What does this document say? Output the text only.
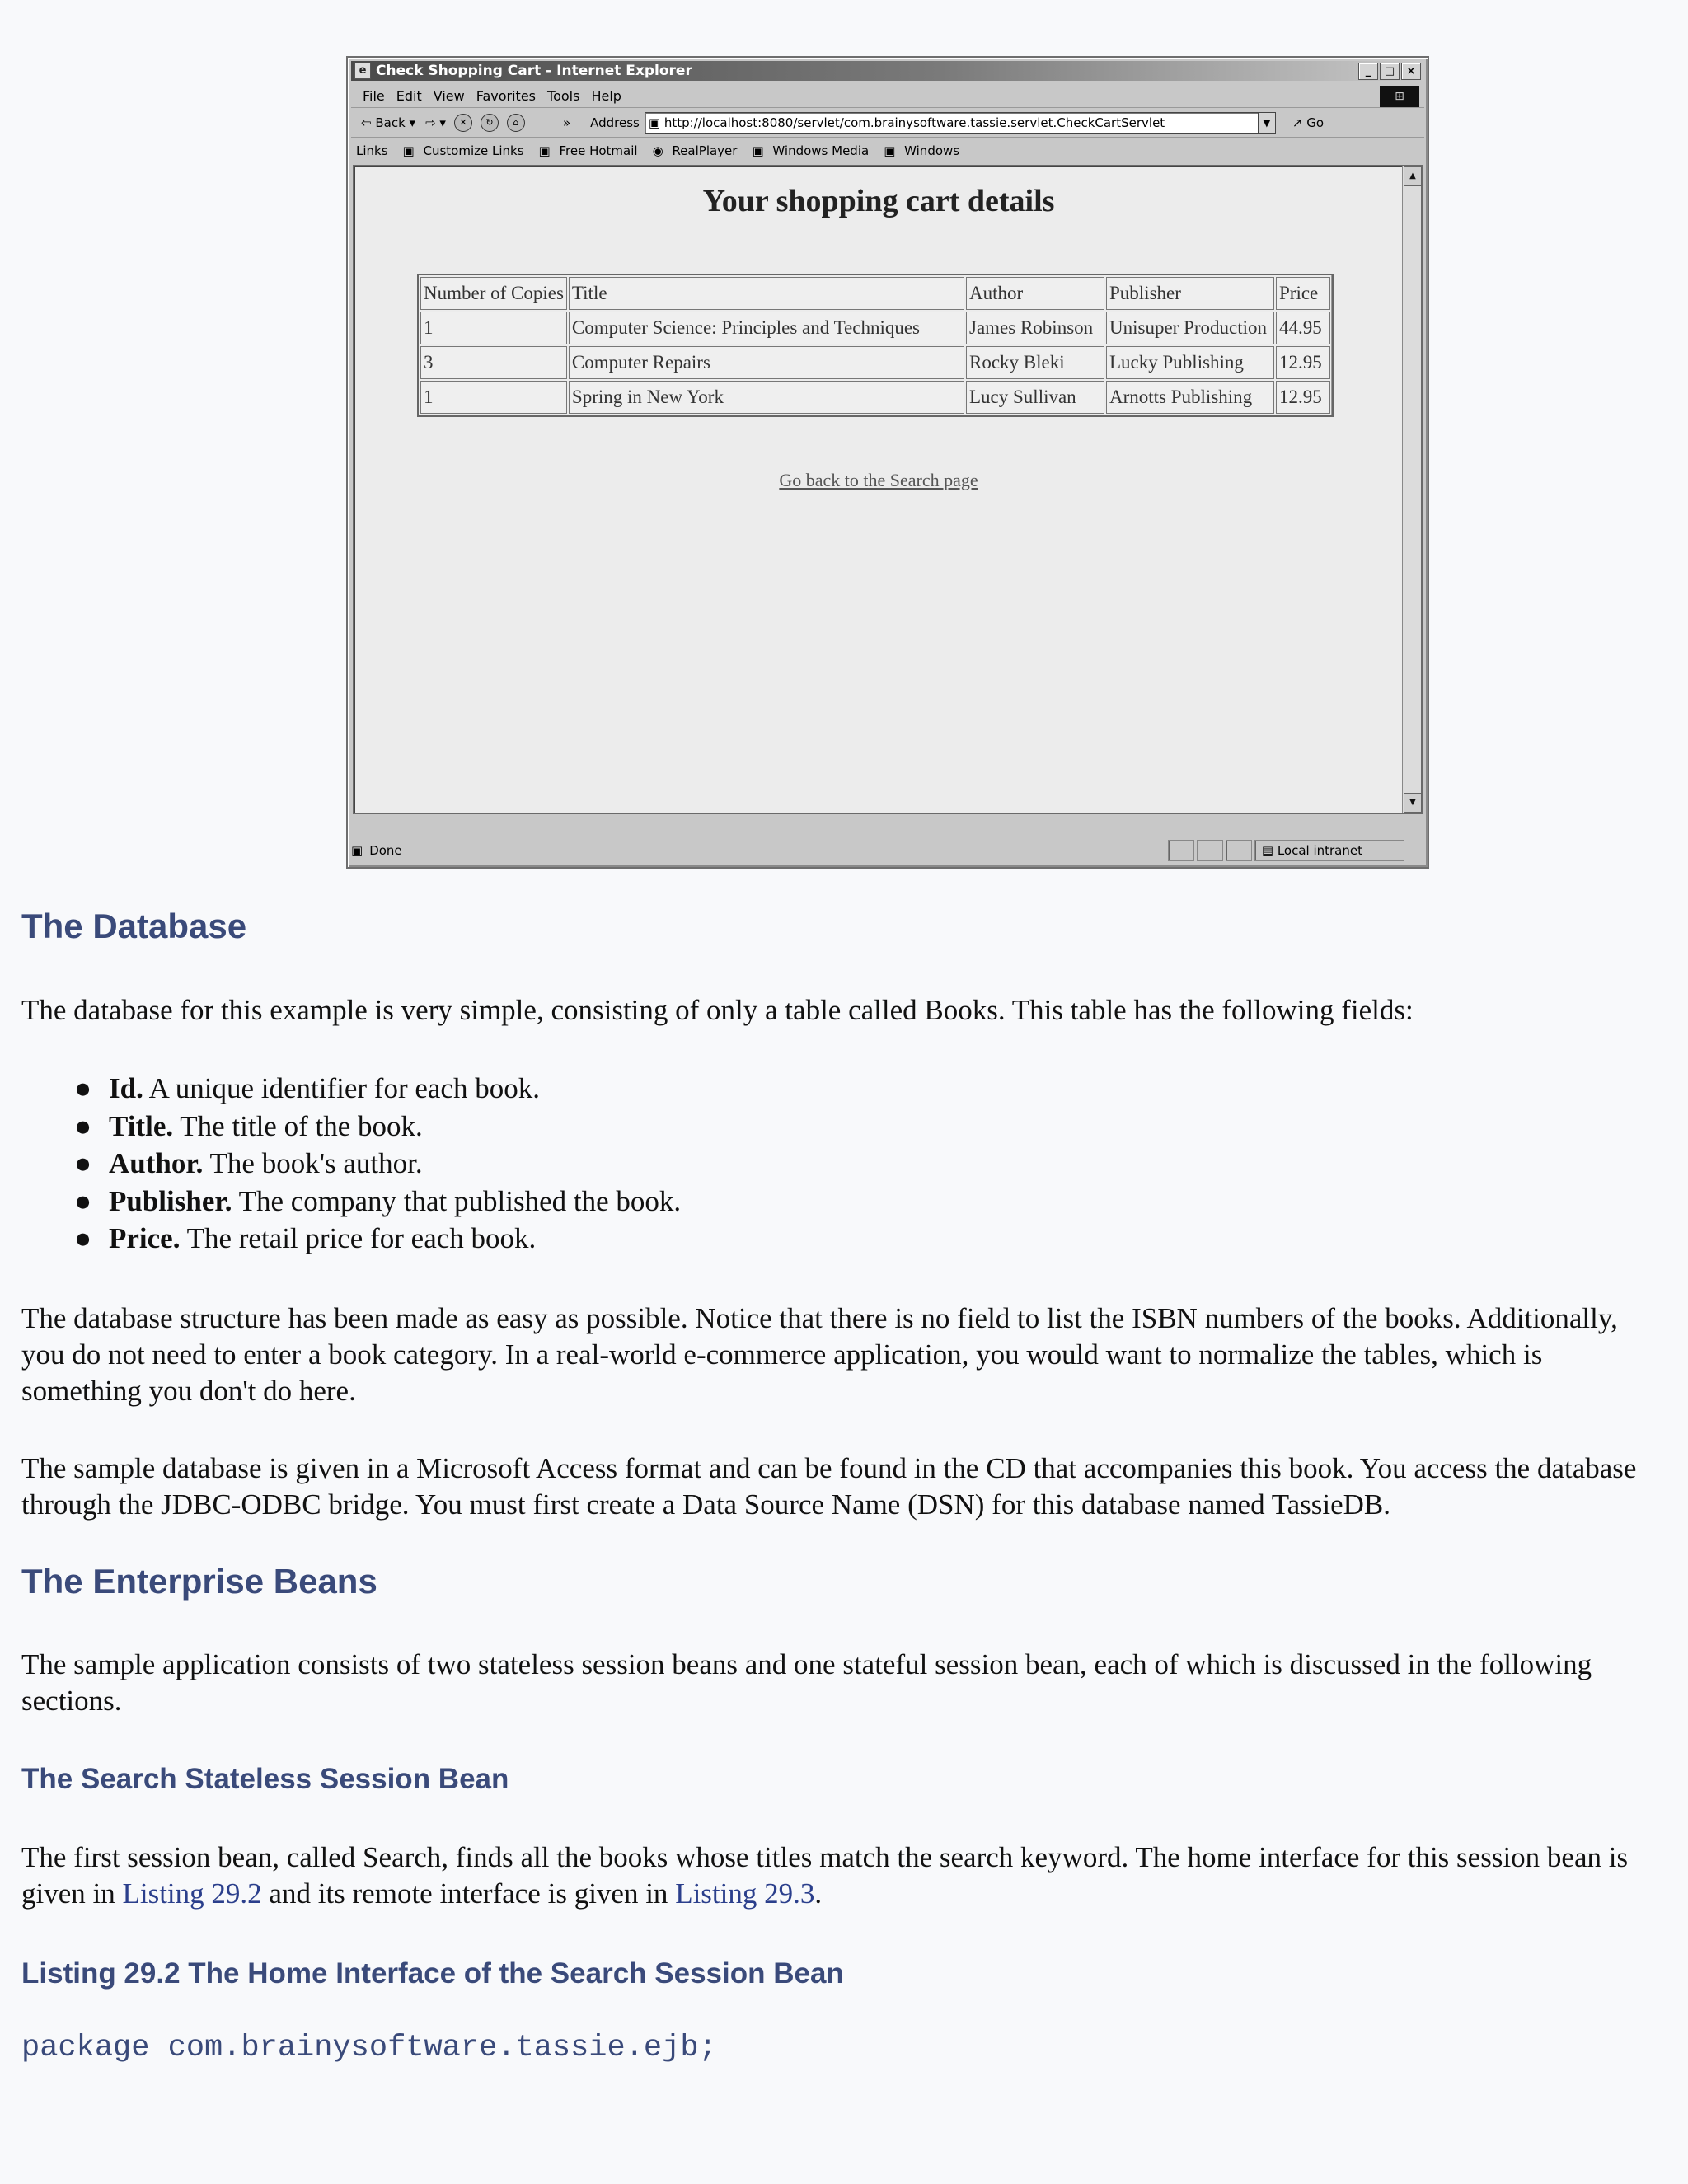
e Check Shopping Cart - Internet Explorer	_	□	×
File Edit View Favorites Tools Help	⊞
⇦ Back ▾ ⇨ ▾	✕	↻	⌂	» Address ▣ http://localhost:8080/servlet/com.brainysoftware.tassie.servlet.CheckCartServlet	▼	↗ Go
Links ▣ Customize Links ▣ Free Hotmail ◉ RealPlayer ▣ Windows Media ▣ Windows
Your shopping cart details
Number of Copies	Title	Author	Publisher	Price
1	Computer Science: Principles and Techniques	James Robinson	Unisuper Production	44.95
3	Computer Repairs	Rocky Bleki	Lucky Publishing	12.95
1	Spring in New York	Lucy Sullivan	Arnotts Publishing	12.95
Go back to the Search page
▲
▼
▣ Done	▤ Local intranet
The Database

The database for this example is very simple, consisting of only a table called Books. This table has the following fields:

● Id. A unique identifier for each book.
● Title. The title of the book.
● Author. The book's author.
● Publisher. The company that published the book.
● Price. The retail price for each book.

The database structure has been made as easy as possible. Notice that there is no field to list the ISBN numbers of the books. Additionally, you do not need to enter a book category. In a real-world e-commerce application, you would want to normalize the tables, which is something you don't do here.

The sample database is given in a Microsoft Access format and can be found in the CD that accompanies this book. You access the database through the JDBC-ODBC bridge. You must first create a Data Source Name (DSN) for this database named TassieDB.

The Enterprise Beans

The sample application consists of two stateless session beans and one stateful session bean, each of which is discussed in the following sections.

The Search Stateless Session Bean

The first session bean, called Search, finds all the books whose titles match the search keyword. The home interface for this session bean is given in Listing 29.2 and its remote interface is given in Listing 29.3.

Listing 29.2 The Home Interface of the Search Session Bean
package com.brainysoftware.tassie.ejb;
